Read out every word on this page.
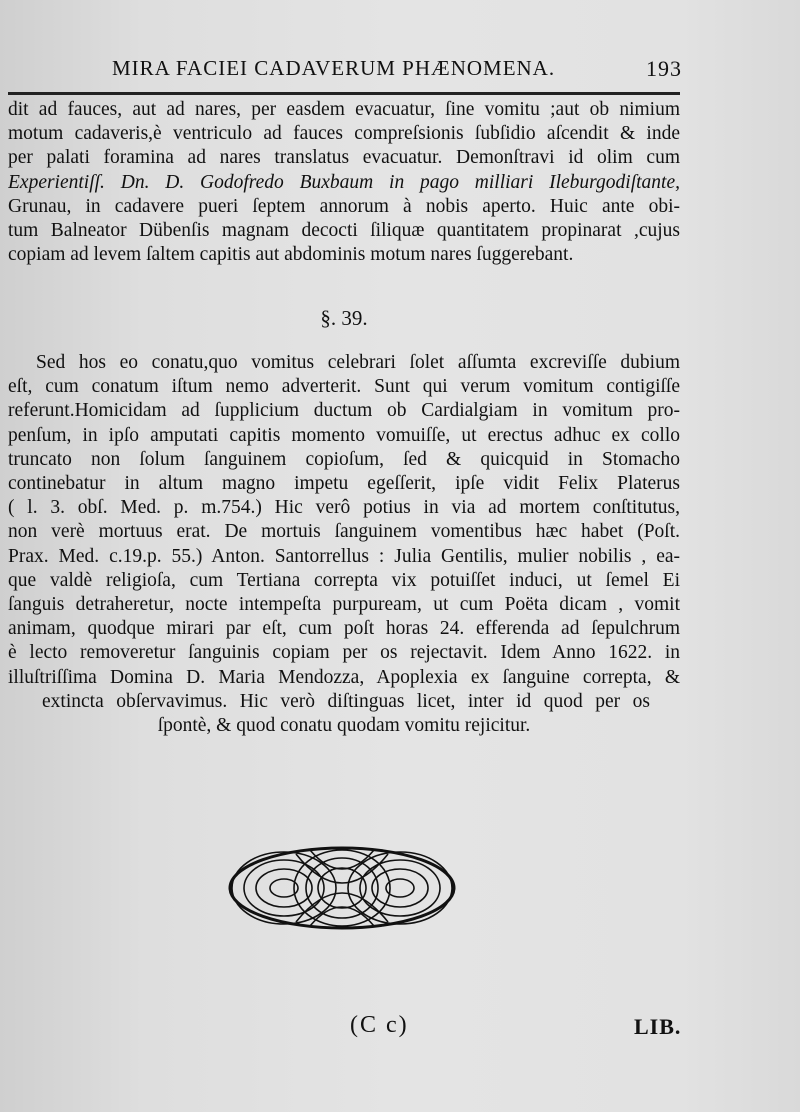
MIRA FACIEI CADAVERUM PHÆNOMENA.	193
dit ad fauces, aut ad nares, per easdem evacuatur, ſine vomitu ;aut ob nimium
motum cadaveris,è ventriculo ad fauces compreſsionis ſubſidio aſcendit & inde
per palati foramina ad nares translatus evacuatur. Demonſtravi id olim cum
Experientiſſ. Dn. D. Godofredo Buxbaum in pago milliari Ileburgodiſtante,
Grunau, in cadavere pueri ſeptem annorum à nobis aperto. Huic ante obi-
tum Balneator Dübenſis magnam decocti ſiliquæ quantitatem propinarat ,cujus
copiam ad levem ſaltem capitis aut abdominis motum nares ſuggerebant.
§. 39.
Sed hos eo conatu,quo vomitus celebrari ſolet aſſumta excreviſſe dubium
eſt, cum conatum iſtum nemo adverterit. Sunt qui verum vomitum contigiſſe
referunt.Homicidam ad ſupplicium ductum ob Cardialgiam in vomitum pro-
penſum, in ipſo amputati capitis momento vomuiſſe, ut erectus adhuc ex collo
truncato non ſolum ſanguinem copioſum, ſed & quicquid in Stomacho
continebatur in altum magno impetu egeſſerit, ipſe vidit Felix Platerus
( l. 3. obſ. Med. p. m.754.) Hic verô potius in via ad mortem conſtitutus,
non verè mortuus erat. De mortuis ſanguinem vomentibus hæc habet (Poſt.
Prax. Med. c.19.p. 55.) Anton. Santorrellus : Julia Gentilis, mulier nobilis , ea-
que valdè religioſa, cum Tertiana correpta vix potuiſſet induci, ut ſemel Ei
ſanguis detraheretur, nocte intempeſta purpuream, ut cum Poëta dicam , vomit
animam, quodque mirari par eſt, cum poſt horas 24. efferenda ad ſepulchrum
è lecto removeretur ſanguinis copiam per os rejectavit. Idem Anno 1622. in
illuſtriſſima Domina D. Maria Mendozza, Apoplexia ex ſanguine correpta, &
extincta obſervavimus. Hic verò diſtinguas licet, inter id quod per os
ſpontè, & quod conatu quodam vomitu rejicitur.
(C c)	LIB.
